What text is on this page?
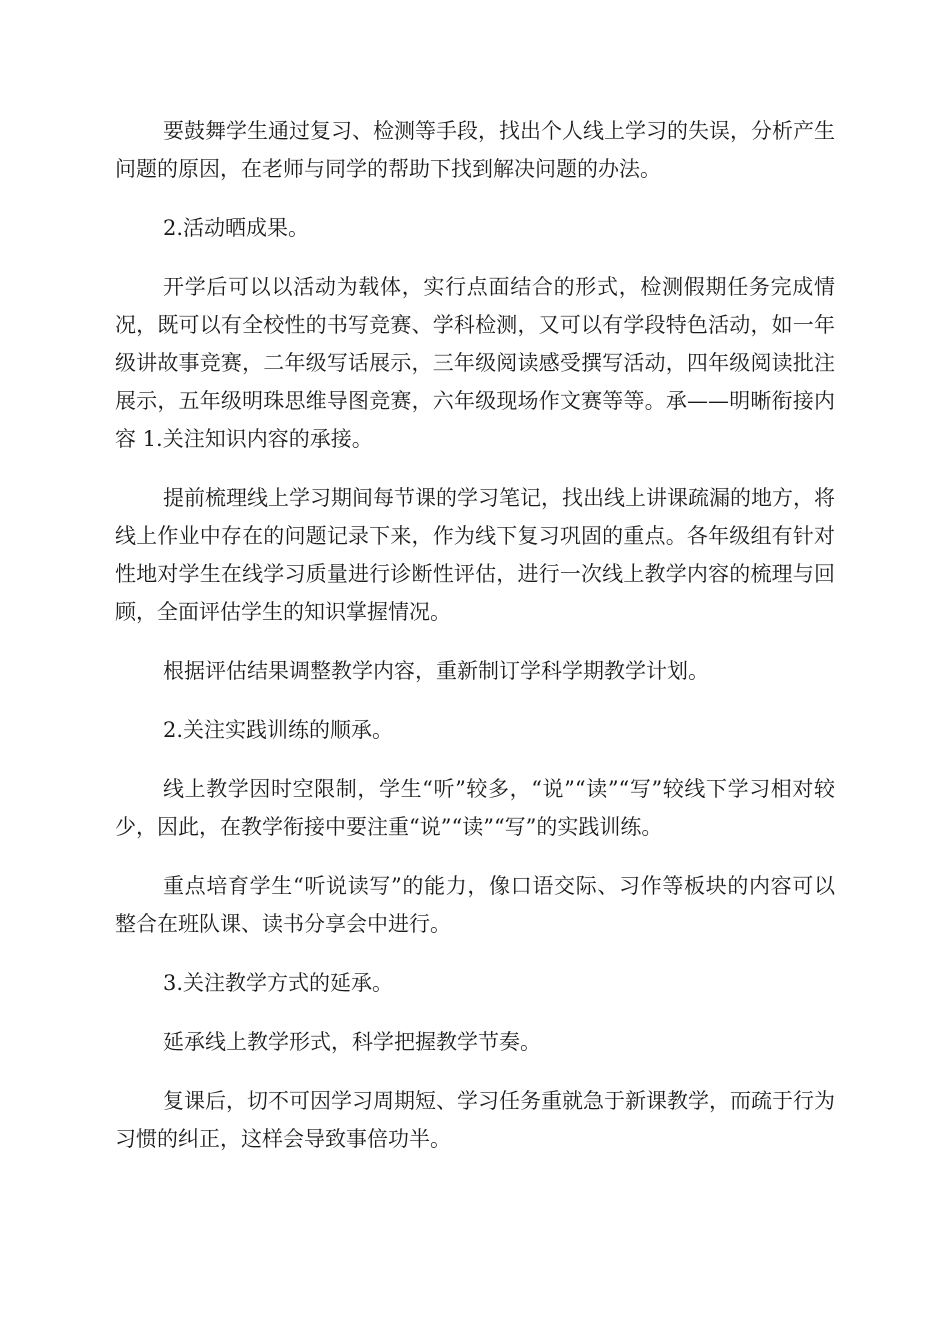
要鼓舞学生通过复习、检测等手段，找出个人线上学习的失误，分析产生问题的原因，在老师与同学的帮助下找到解决问题的办法。

2.活动晒成果。

开学后可以以活动为载体，实行点面结合的形式，检测假期任务完成情况，既可以有全校性的书写竞赛、学科检测，又可以有学段特色活动，如一年级讲故事竞赛，二年级写话展示，三年级阅读感受撰写活动，四年级阅读批注展示，五年级明珠思维导图竞赛，六年级现场作文赛等等。承——明晰衔接内容 1.关注知识内容的承接。

提前梳理线上学习期间每节课的学习笔记，找出线上讲课疏漏的地方，将线上作业中存在的问题记录下来，作为线下复习巩固的重点。各年级组有针对性地对学生在线学习质量进行诊断性评估，进行一次线上教学内容的梳理与回顾，全面评估学生的知识掌握情况。

根据评估结果调整教学内容，重新制订学科学期教学计划。

2.关注实践训练的顺承。

线上教学因时空限制，学生“听”较多，“说”“读”“写”较线下学习相对较少，因此，在教学衔接中要注重“说”“读”“写”的实践训练。

重点培育学生“听说读写”的能力，像口语交际、习作等板块的内容可以整合在班队课、读书分享会中进行。

3.关注教学方式的延承。

延承线上教学形式，科学把握教学节奏。

复课后，切不可因学习周期短、学习任务重就急于新课教学，而疏于行为习惯的纠正，这样会导致事倍功半。
